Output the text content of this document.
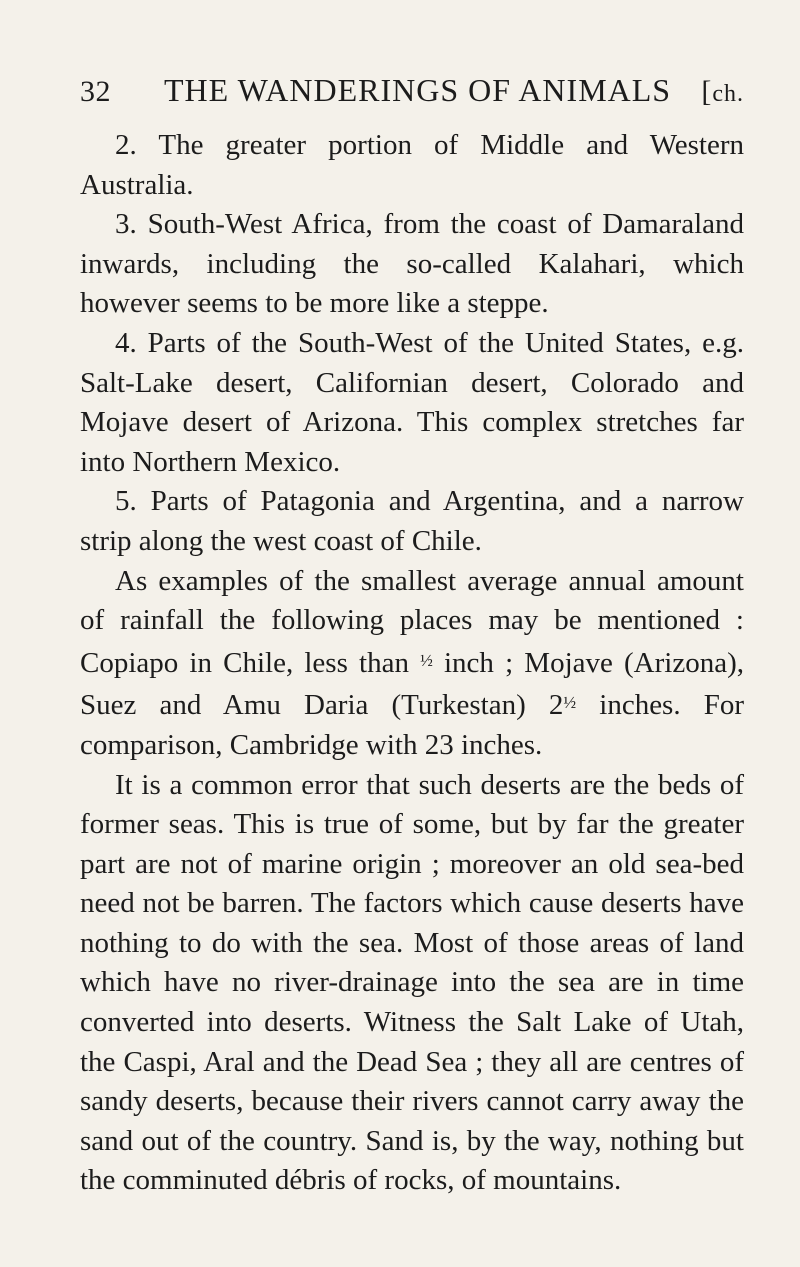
32	THE WANDERINGS OF ANIMALS	[ch.

2. The greater portion of Middle and Western Australia.

3. South-West Africa, from the coast of Damaraland inwards, including the so-called Kalahari, which however seems to be more like a steppe.

4. Parts of the South-West of the United States, e.g. Salt-Lake desert, Californian desert, Colorado and Mojave desert of Arizona. This complex stretches far into Northern Mexico.

5. Parts of Patagonia and Argentina, and a narrow strip along the west coast of Chile.

As examples of the smallest average annual amount of rainfall the following places may be mentioned : Copiapo in Chile, less than $^{\frac{1}{2}}$ inch ; Mojave (Arizona), Suez and Amu Daria (Turkestan) $2^{\frac{1}{2}}$ inches. For comparison, Cambridge with 23 inches.

It is a common error that such deserts are the beds of former seas. This is true of some, but by far the greater part are not of marine origin ; moreover an old sea-bed need not be barren. The factors which cause deserts have nothing to do with the sea. Most of those areas of land which have no river-drainage into the sea are in time converted into deserts. Witness the Salt Lake of Utah, the Caspi, Aral and the Dead Sea ; they all are centres of sandy deserts, because their rivers cannot carry away the sand out of the country. Sand is, by the way, nothing but the comminuted débris of rocks, of mountains.
